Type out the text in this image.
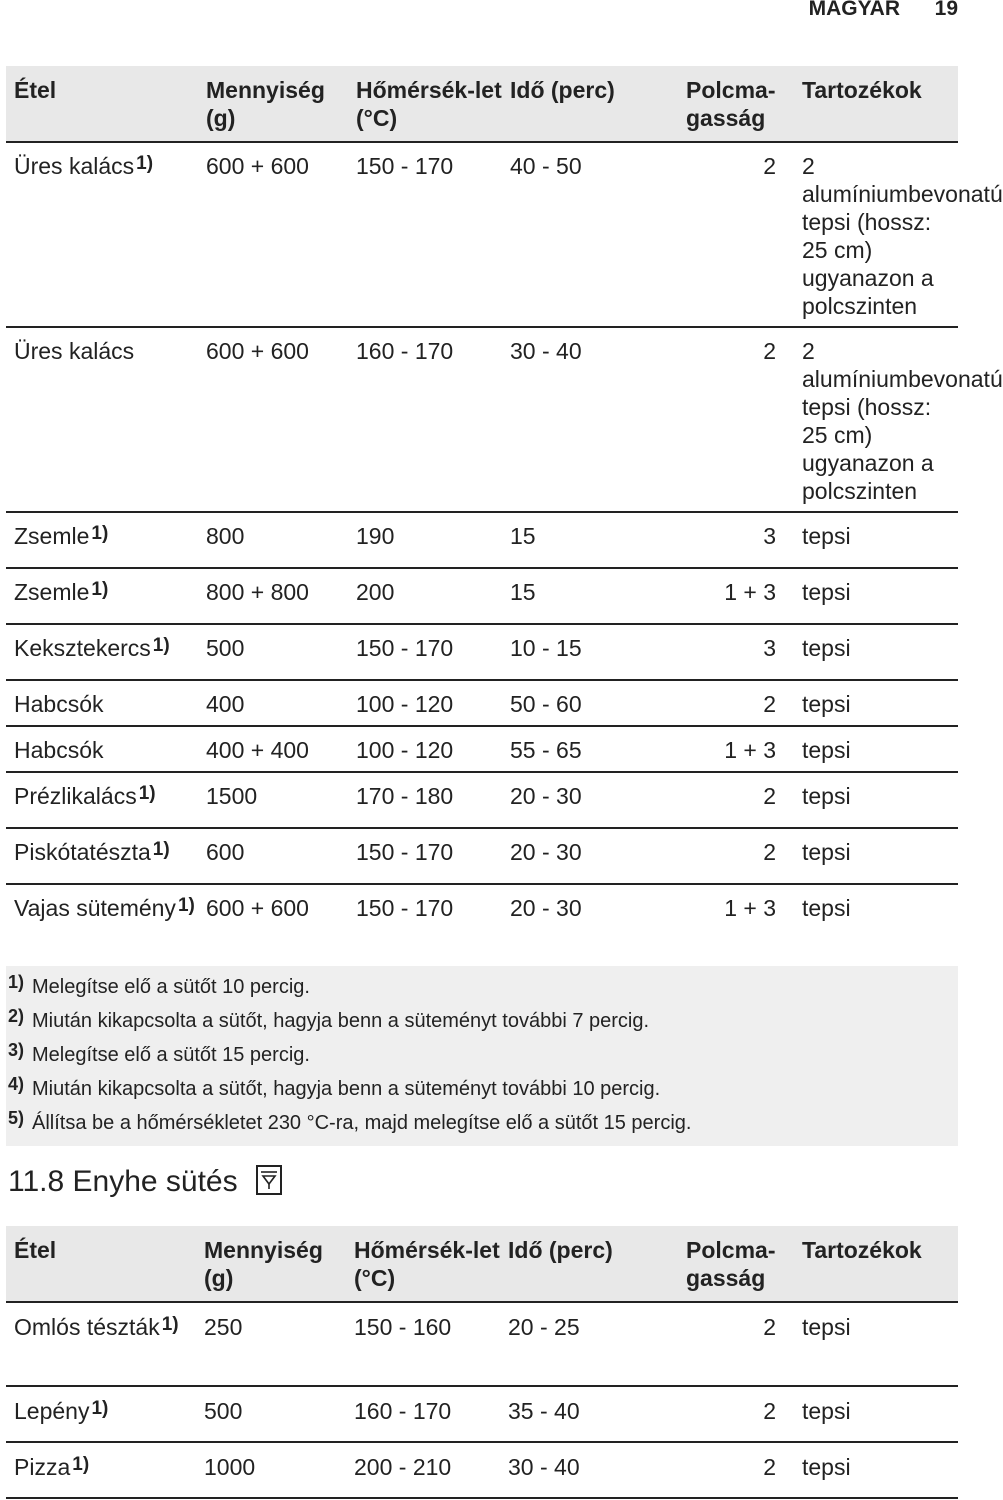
MAGYAR 19
Étel	Mennyiség (g)	Hőmérsék-let (°C)	Idő (perc)	Polcma-gasság	Tartozékok
Üres kalács $^{1)}$	600 + 600	150 - 170	40 - 50	2	2 alumíniumbevonatú tepsi (hossz: 25 cm) ugyanazon a polcszinten
Üres kalács	600 + 600	160 - 170	30 - 40	2	2 alumíniumbevonatú tepsi (hossz: 25 cm) ugyanazon a polcszinten
Zsemle $^{1)}$	800	190	15	3	tepsi
Zsemle $^{1)}$	800 + 800	200	15	1 + 3	tepsi
Keksztekercs $^{1)}$	500	150 - 170	10 - 15	3	tepsi
Habcsók	400	100 - 120	50 - 60	2	tepsi
Habcsók	400 + 400	100 - 120	55 - 65	1 + 3	tepsi
Prézlikalács $^{1)}$	1500	170 - 180	20 - 30	2	tepsi
Piskótatészta $^{1)}$	600	150 - 170	20 - 30	2	tepsi
Vajas sütemény $^{1)}$	600 + 600	150 - 170	20 - 30	1 + 3	tepsi
1) Melegítse elő a sütőt 10 percig.
2) Miután kikapcsolta a sütőt, hagyja benn a süteményt további 7 percig.
3) Melegítse elő a sütőt 15 percig.
4) Miután kikapcsolta a sütőt, hagyja benn a süteményt további 10 percig.
5) Állítsa be a hőmérsékletet 230 °C-ra, majd melegítse elő a sütőt 15 percig.
11.8 Enyhe sütés
Étel	Mennyiség (g)	Hőmérsék-let (°C)	Idő (perc)	Polcma-gasság	Tartozékok
Omlós tészták $^{1)}$	250	150 - 160	20 - 25	2	tepsi
Lepény $^{1)}$	500	160 - 170	35 - 40	2	tepsi
Pizza $^{1)}$	1000	200 - 210	30 - 40	2	tepsi
